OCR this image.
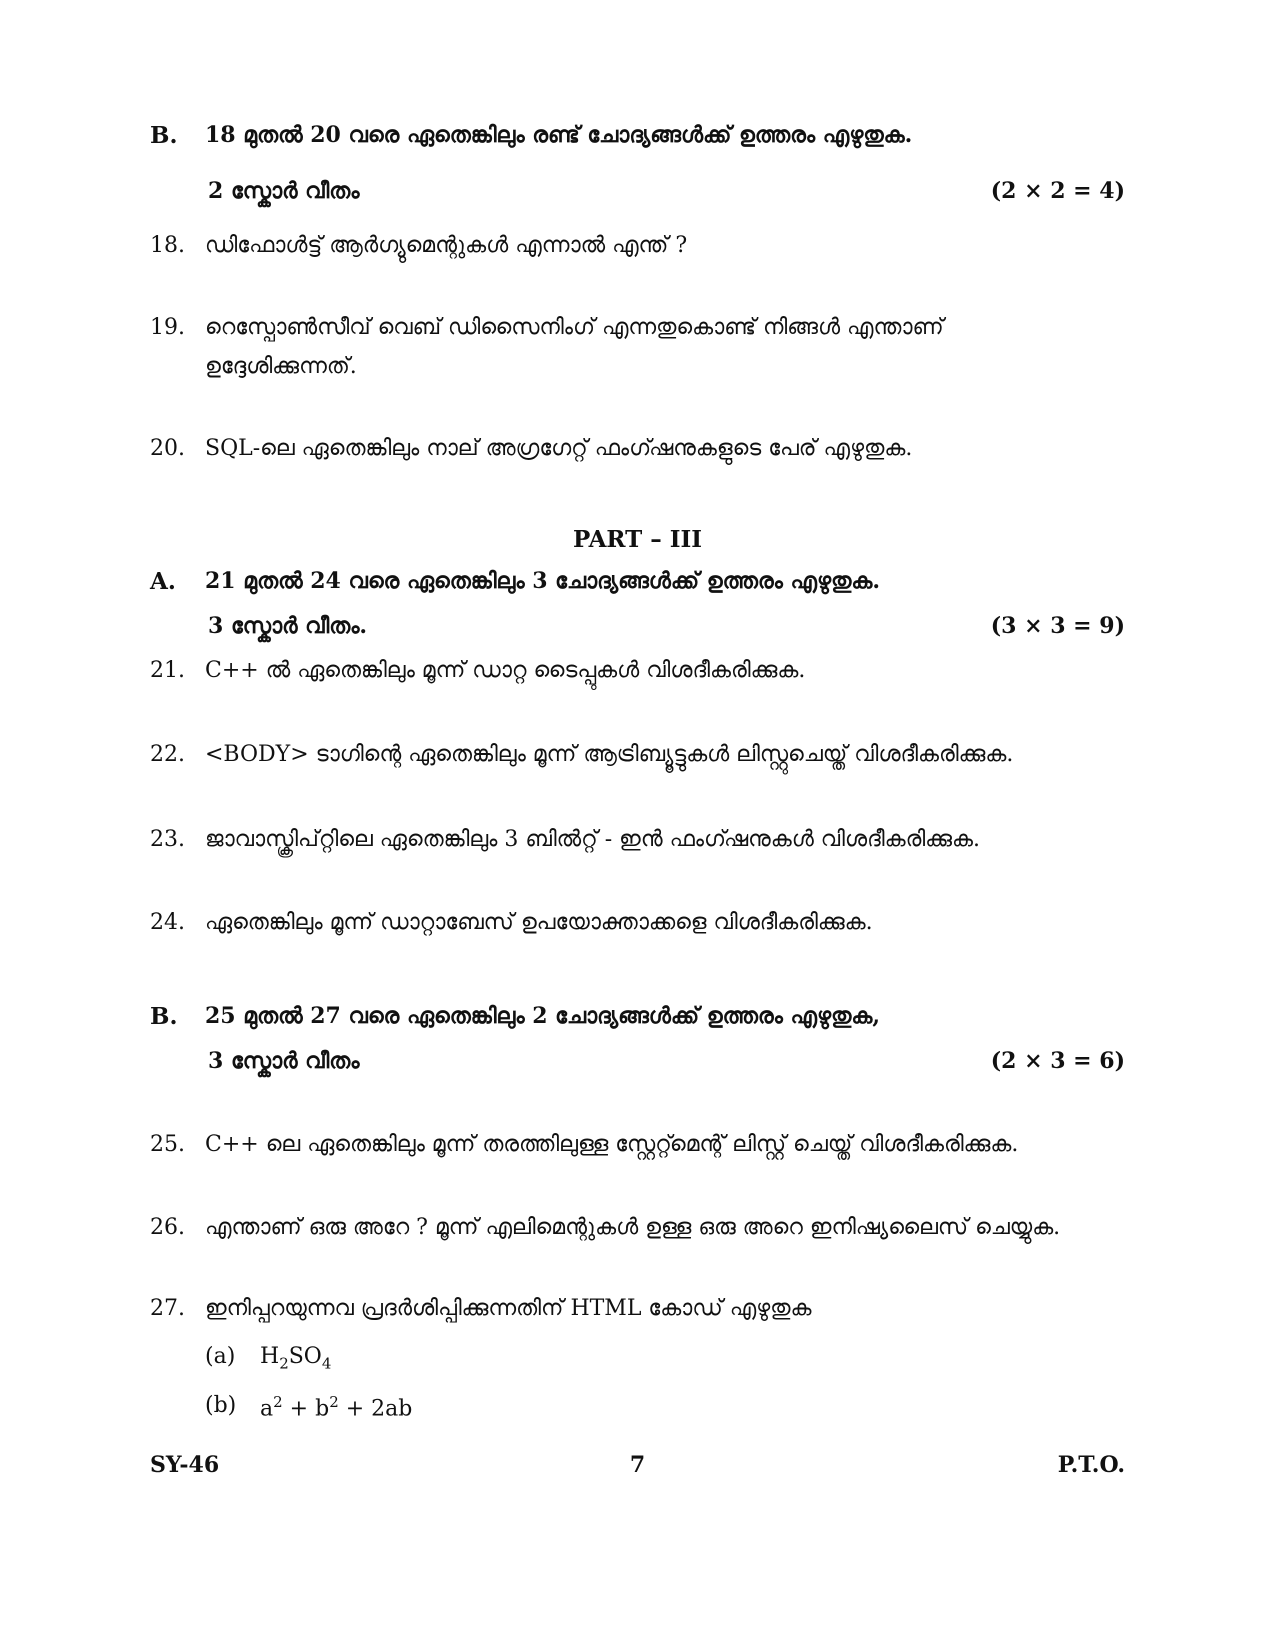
B. 18 മുതൽ 20 വരെ ഏതെങ്കിലും രണ്ട് ചോദ്യങ്ങൾക്ക് ഉത്തരം എഴുതുക.
2 സ്കോർ വീതം	(2 × 2 = 4)
18. ഡിഫോൾട്ട് ആർഗ്യുമെന്റുകൾ എന്നാൽ എന്ത് ?
19. റെസ്പോൺസീവ് വെബ് ഡിസൈനിംഗ് എന്നതുകൊണ്ട് നിങ്ങൾ എന്താണ്
ഉദ്ദേശിക്കുന്നത്.
20. SQL-ലെ ഏതെങ്കിലും നാല് അഗ്രഗേറ്റ് ഫംഗ്ഷനുകളുടെ പേര് എഴുതുക.
PART – III
A. 21 മുതൽ 24 വരെ ഏതെങ്കിലും 3 ചോദ്യങ്ങൾക്ക് ഉത്തരം എഴുതുക.
3 സ്കോർ വീതം.	(3 × 3 = 9)
21. C++ ൽ ഏതെങ്കിലും മൂന്ന് ഡാറ്റ ടൈപ്പുകൾ വിശദീകരിക്കുക.
22. <BODY> ടാഗിന്റെ ഏതെങ്കിലും മൂന്ന് ആട്രിബ്യൂട്ടുകൾ ലിസ്റ്റുചെയ്ത് വിശദീകരിക്കുക.
23. ജാവാസ്ക്രിപ്റ്റിലെ ഏതെങ്കിലും 3 ബിൽറ്റ് - ഇൻ ഫംഗ്ഷനുകൾ വിശദീകരിക്കുക.
24. ഏതെങ്കിലും മൂന്ന് ഡാറ്റാബേസ് ഉപയോക്താക്കളെ വിശദീകരിക്കുക.
B. 25 മുതൽ 27 വരെ ഏതെങ്കിലും 2 ചോദ്യങ്ങൾക്ക് ഉത്തരം എഴുതുക,
3 സ്കോർ വീതം	(2 × 3 = 6)
25. C++ ലെ ഏതെങ്കിലും മൂന്ന് തരത്തിലുള്ള സ്റ്റേറ്റ്മെന്റ് ലിസ്റ്റ് ചെയ്ത് വിശദീകരിക്കുക.
26. എന്താണ് ഒരു അറേ ? മൂന്ന് എലിമെന്റുകൾ ഉള്ള ഒരു അറെ ഇനിഷ്യലൈസ് ചെയ്യുക.
27. ഇനിപ്പറയുന്നവ പ്രദർശിപ്പിക്കുന്നതിന് HTML കോഡ് എഴുതുക
(a) $H_2SO_4$
(b) $a^2 + b^2 + 2ab$
SY-46	7	P.T.O.
